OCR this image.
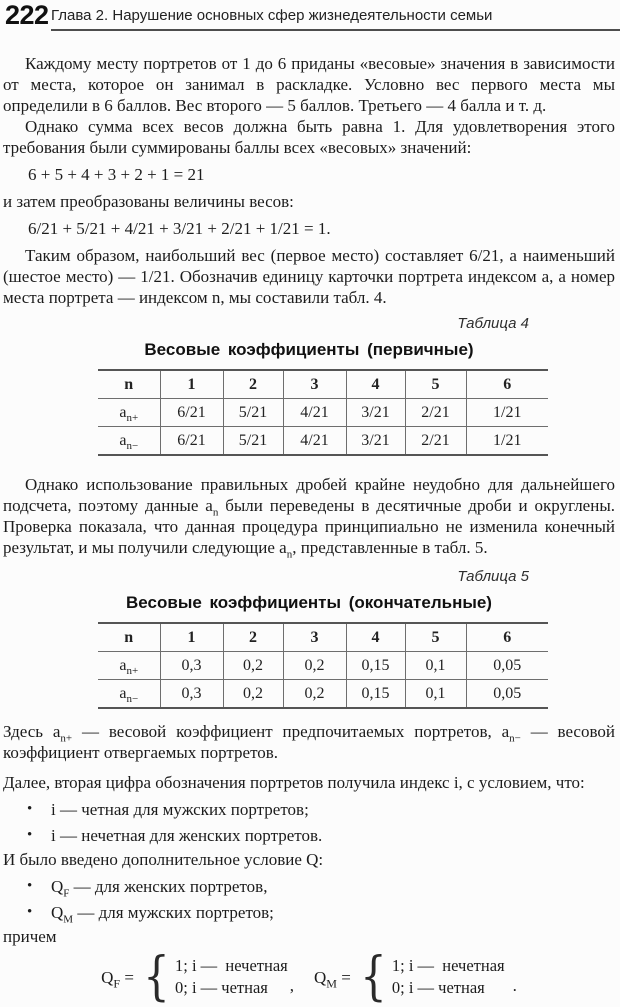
222 Глава 2. Нарушение основных сфер жизнедеятельности семьи

Каждому месту портретов от 1 до 6 приданы «весовые» значения в зависимости от места, которое он занимал в раскладке. Условно вес первого места мы определили в 6 баллов. Вес второго — 5 баллов. Третьего — 4 балла и т. д.

Однако сумма всех весов должна быть равна 1. Для удовлетворения этого требования были суммированы баллы всех «весовых» значений:

6 + 5 + 4 + 3 + 2 + 1 = 21

и затем преобразованы величины весов:

6/21 + 5/21 + 4/21 + 3/21 + 2/21 + 1/21 = 1.

Таким образом, наибольший вес (первое место) составляет 6/21, а наименьший (шестое место) — 1/21. Обозначив единицу карточки портрета индексом a, а номер места портрета — индексом n, мы составили табл. 4.

Таблица 4

Весовые коэффициенты (первичные)

n	1	2	3	4	5	6
$a_{n+}$	6/21	5/21	4/21	3/21	2/21	1/21
$a_{n-}$	6/21	5/21	4/21	3/21	2/21	1/21

Однако использование правильных дробей крайне неудобно для дальнейшего подсчета, поэтому данные $a_n$ были переведены в десятичные дроби и округлены. Проверка показала, что данная процедура принципиально не изменила конечный результат, и мы получили следующие $a_n$, представленные в табл. 5.

Таблица 5

Весовые коэффициенты (окончательные)

n	1	2	3	4	5	6
$a_{n+}$	0,3	0,2	0,2	0,15	0,1	0,05
$a_{n-}$	0,3	0,2	0,2	0,15	0,1	0,05

Здесь $a_{n+}$ — весовой коэффициент предпочитаемых портретов, $a_{n-}$ — весовой коэффициент отвергаемых портретов.

Далее, вторая цифра обозначения портретов получила индекс i, с условием, что:

•	i — четная для мужских портретов;
•	i — нечетная для женских портретов.

И было введено дополнительное условие Q:

•	$Q_F$ — для женских портретов,
•	$Q_M$ — для мужских портретов;

причем

$Q_F$ = { 1; i —  нечетная
0; i — четная	,	$Q_M$ = { 1; i —  нечетная
0; i — четная	.
